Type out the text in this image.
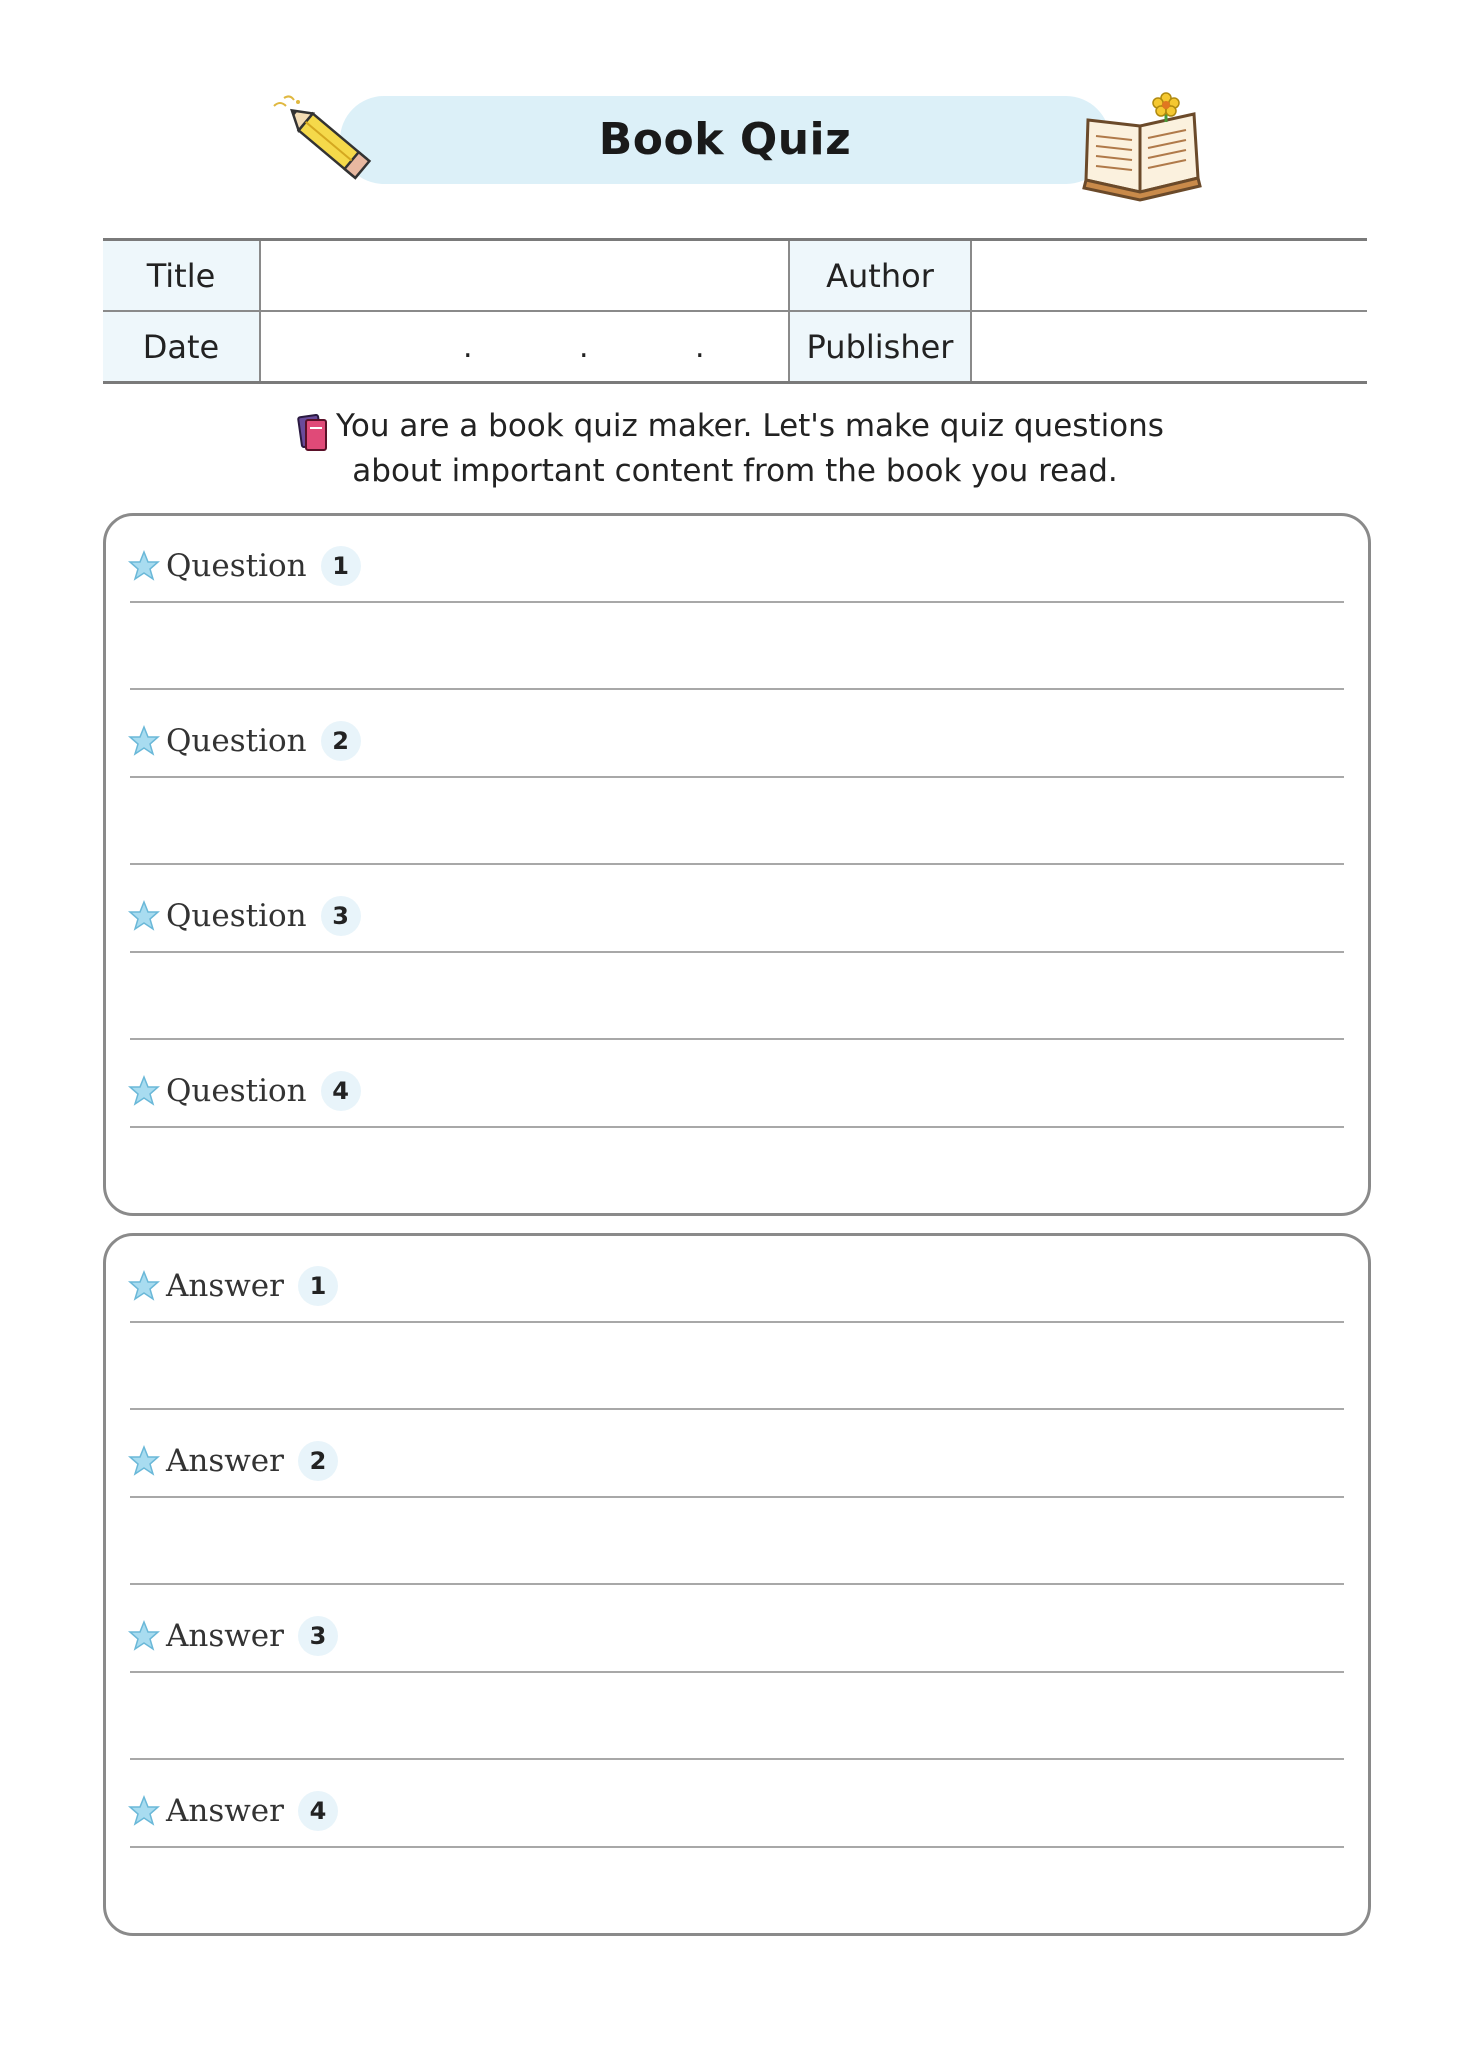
Book Quiz
Title		Author	
Date	. . .	Publisher	
You are a book quiz maker. Let's make quiz questions
about important content from the book you read.
Question	1
Question	2
Question	3
Question	4
Answer	1
Answer	2
Answer	3
Answer	4
